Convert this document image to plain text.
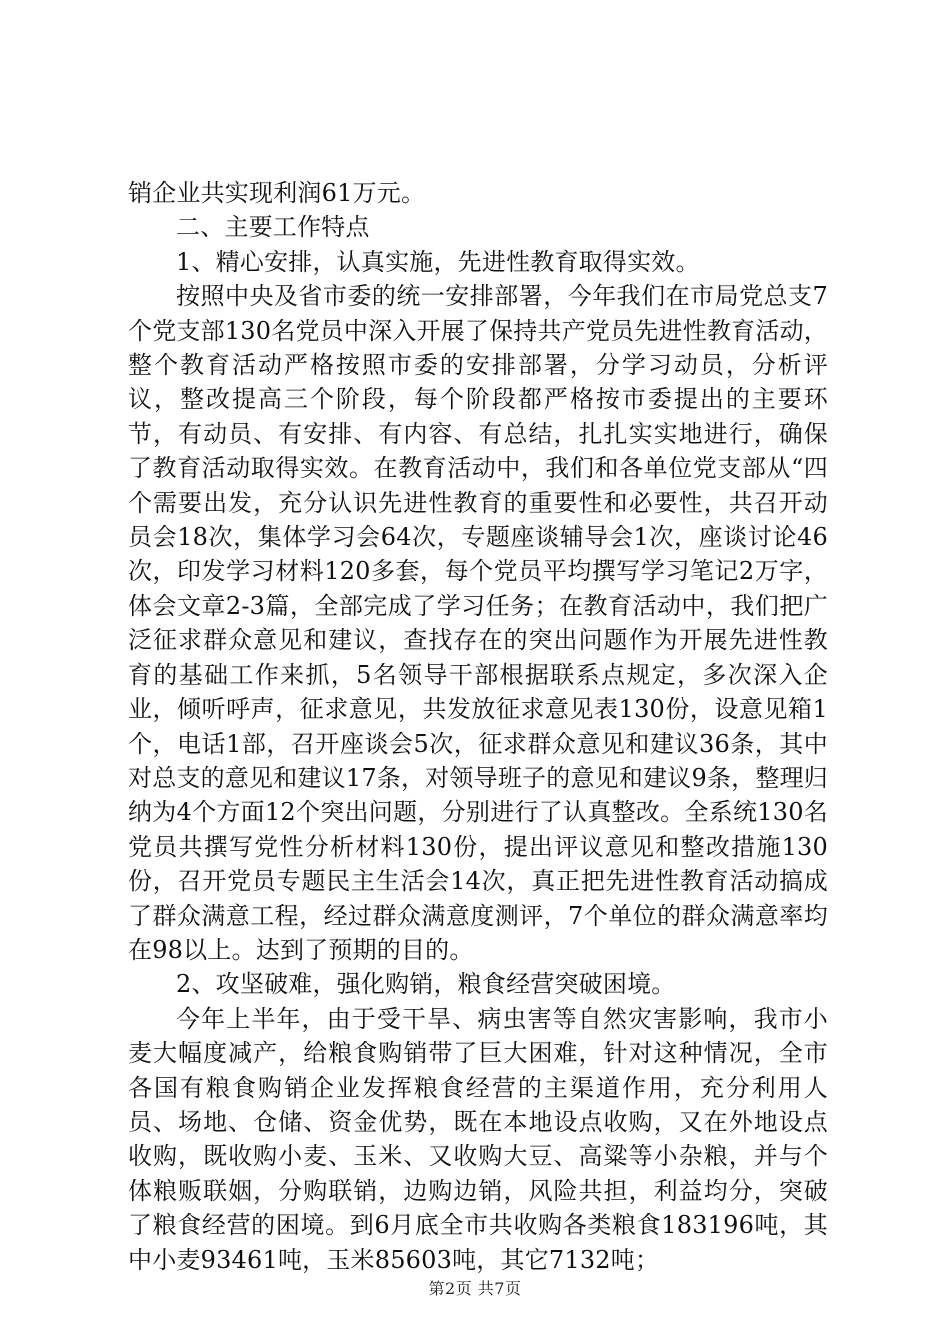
销企业共实现利润61万元。

二、主要工作特点

1、精心安排，认真实施，先进性教育取得实效。

按照中央及省市委的统一安排部署，今年我们在市局党总支7个党支部130名党员中深入开展了保持共产党员先进性教育活动，整个教育活动严格按照市委的安排部署，分学习动员，分析评议，整改提高三个阶段，每个阶段都严格按市委提出的主要环节，有动员、有安排、有内容、有总结，扎扎实实地进行，确保了教育活动取得实效。在教育活动中，我们和各单位党支部从“四个需要出发，充分认识先进性教育的重要性和必要性，共召开动员会18次，集体学习会64次，专题座谈辅导会1次，座谈讨论46次，印发学习材料120多套，每个党员平均撰写学习笔记2万字，体会文章2-3篇，全部完成了学习任务；在教育活动中，我们把广泛征求群众意见和建议，查找存在的突出问题作为开展先进性教育的基础工作来抓，5名领导干部根据联系点规定，多次深入企业，倾听呼声，征求意见，共发放征求意见表130份，设意见箱1个，电话1部，召开座谈会5次，征求群众意见和建议36条，其中对总支的意见和建议17条，对领导班子的意见和建议9条，整理归纳为4个方面12个突出问题，分别进行了认真整改。全系统130名党员共撰写党性分析材料130份，提出评议意见和整改措施130份，召开党员专题民主生活会14次，真正把先进性教育活动搞成了群众满意工程，经过群众满意度测评，7个单位的群众满意率均在98以上。达到了预期的目的。

2、攻坚破难，强化购销，粮食经营突破困境。

今年上半年，由于受干旱、病虫害等自然灾害影响，我市小麦大幅度减产，给粮食购销带了巨大困难，针对这种情况，全市各国有粮食购销企业发挥粮食经营的主渠道作用，充分利用人员、场地、仓储、资金优势，既在本地设点收购，又在外地设点收购，既收购小麦、玉米、又收购大豆、高粱等小杂粮，并与个体粮贩联姻，分购联销，边购边销，风险共担，利益均分，突破了粮食经营的困境。到6月底全市共收购各类粮食183196吨，其中小麦93461吨，玉米85603吨，其它7132吨；

第2页 共7页
